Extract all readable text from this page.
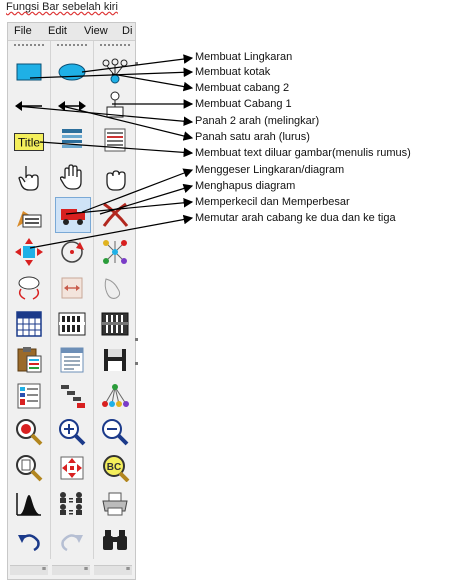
Fungsi Bar sebelah kiri
File Edit View Di
Title
BC
≡	≡	≡
Membuat Lingkaran
Membuat kotak
Membuat cabang 2
Membuat Cabang 1
Panah 2 arah (melingkar)
Panah satu arah (lurus)
Membuat text diluar gambar(menulis rumus)
Menggeser Lingkaran/diagram
Menghapus diagram
Memperkecil dan Memperbesar
Memutar arah cabang ke dua dan ke tiga
